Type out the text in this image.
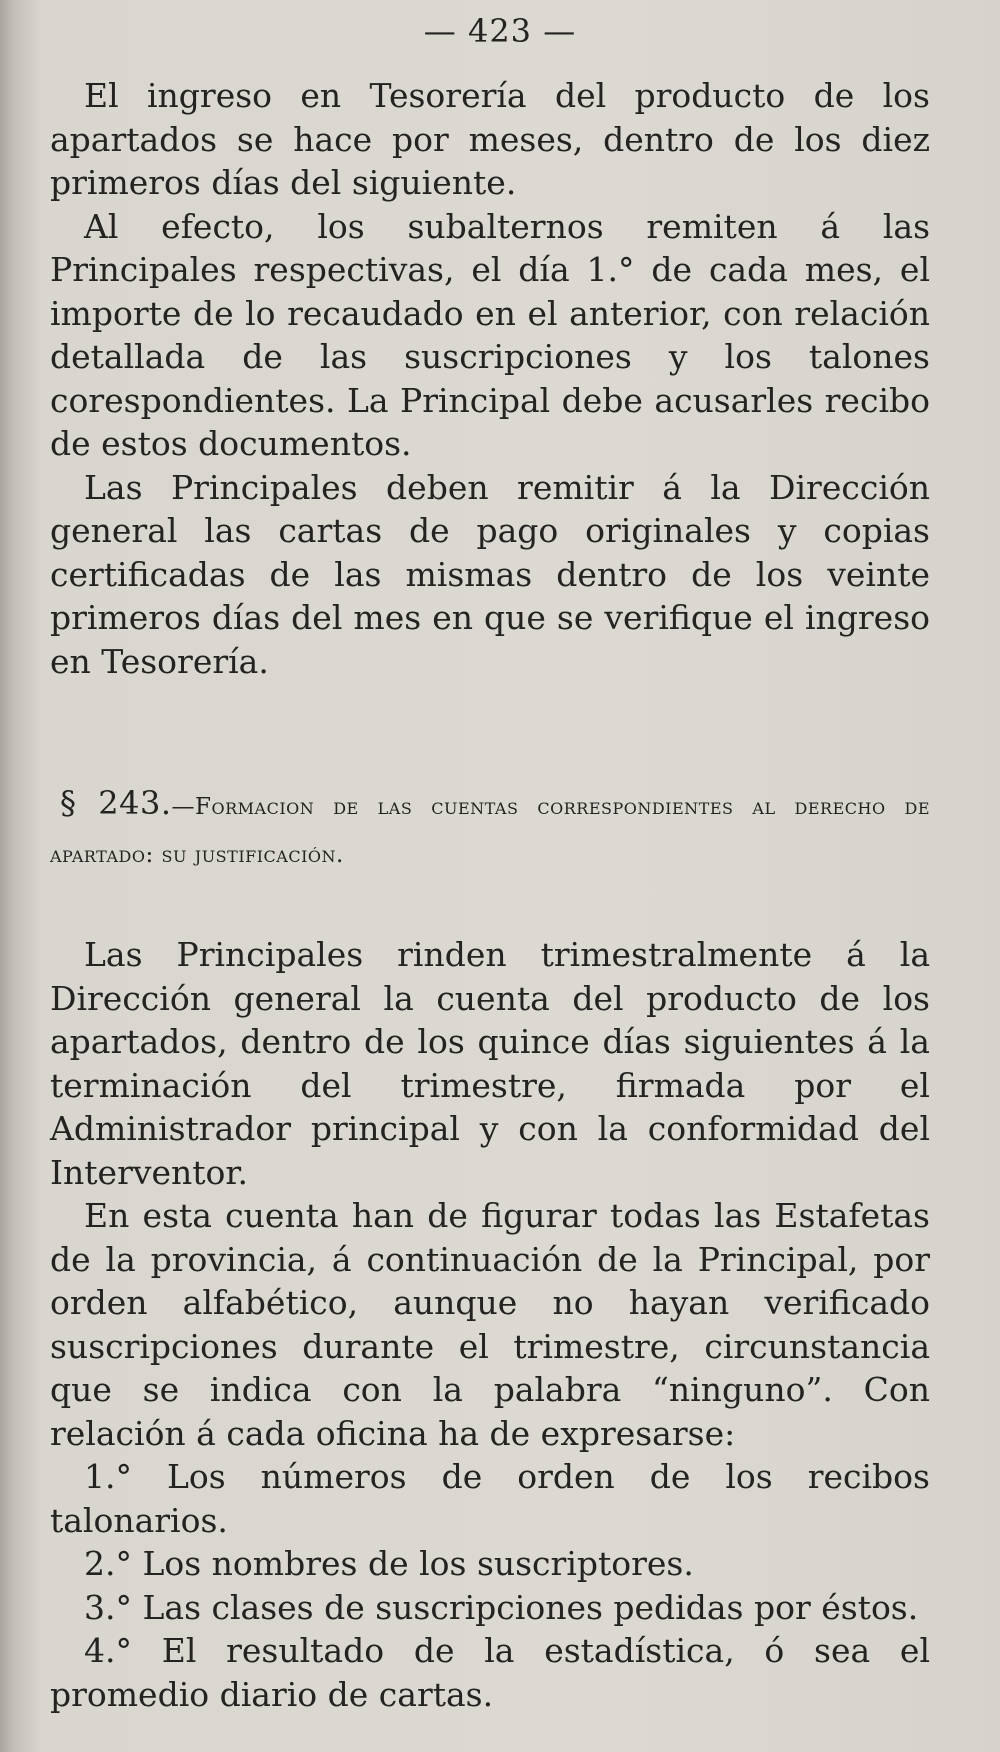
— 423 —

El ingreso en Tesorería del producto de los apartados se hace por meses, dentro de los diez primeros días del siguiente.

Al efecto, los subalternos remiten á las Principales respectivas, el día 1.° de cada mes, el importe de lo recaudado en el anterior, con relación detallada de las suscripciones y los talones corespondientes. La Principal debe acusarles recibo de estos documentos.

Las Principales deben remitir á la Dirección general las cartas de pago originales y copias certificadas de las mismas dentro de los veinte primeros días del mes en que se verifique el ingreso en Tesorería.

§ 243.—Formacion de las cuentas correspondientes al derecho de apartado: su justificación.

Las Principales rinden trimestralmente á la Dirección general la cuenta del producto de los apartados, dentro de los quince días siguientes á la terminación del trimestre, firmada por el Administrador principal y con la conformidad del Interventor.

En esta cuenta han de figurar todas las Estafetas de la provincia, á continuación de la Principal, por orden alfabético, aunque no hayan verificado suscripciones durante el trimestre, circunstancia que se indica con la palabra “ninguno”. Con relación á cada oficina ha de expresarse:

1.° Los números de orden de los recibos talonarios.

2.° Los nombres de los suscriptores.

3.° Las clases de suscripciones pedidas por éstos.

4.° El resultado de la estadística, ó sea el promedio diario de cartas.
